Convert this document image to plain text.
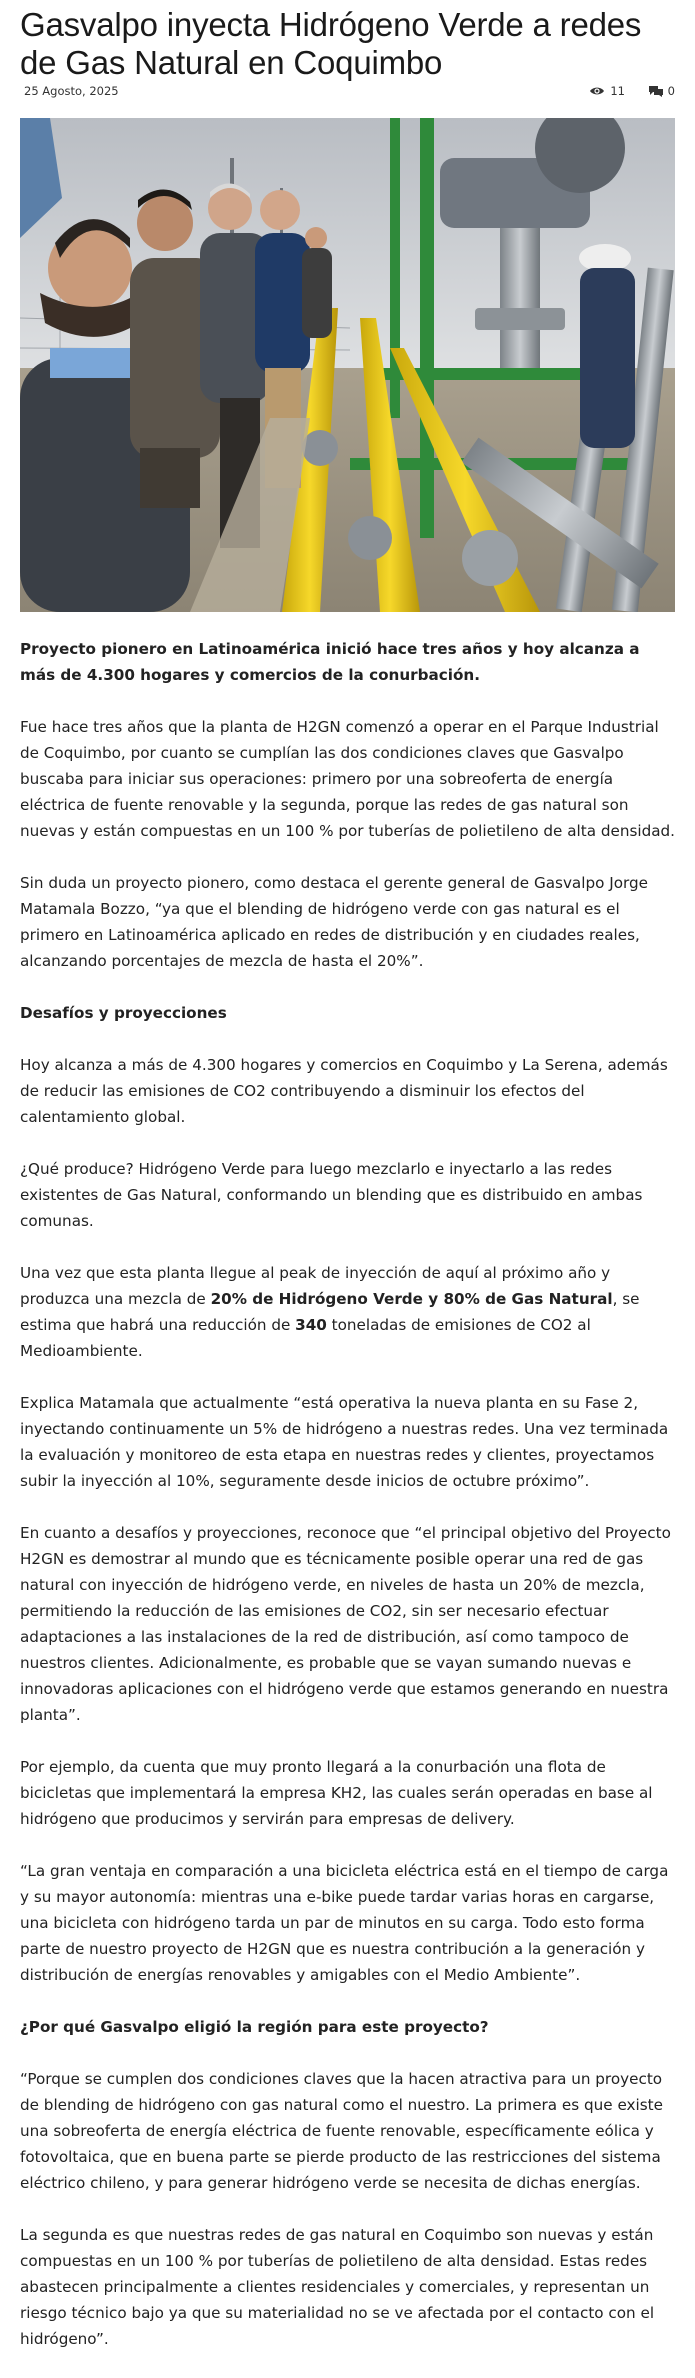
Gasvalpo inyecta Hidrógeno Verde a redes de Gas Natural en Coquimbo
25 Agosto, 2025	11	0

Proyecto pionero en Latinoamérica inició hace tres años y hoy alcanza a más de 4.300 hogares y comercios de la conurbación.

Fue hace tres años que la planta de H2GN comenzó a operar en el Parque Industrial de Coquimbo, por cuanto se cumplían las dos condiciones claves que Gasvalpo buscaba para iniciar sus operaciones: primero por una sobreoferta de energía eléctrica de fuente renovable y la segunda, porque las redes de gas natural son nuevas y están compuestas en un 100 % por tuberías de polietileno de alta densidad.

Sin duda un proyecto pionero, como destaca el gerente general de Gasvalpo Jorge Matamala Bozzo, “ya que el blending de hidrógeno verde con gas natural es el primero en Latinoamérica aplicado en redes de distribución y en ciudades reales, alcanzando porcentajes de mezcla de hasta el 20%”.

Desafíos y proyecciones

Hoy alcanza a más de 4.300 hogares y comercios en Coquimbo y La Serena, además de reducir las emisiones de CO2 contribuyendo a disminuir los efectos del calentamiento global.

¿Qué produce? Hidrógeno Verde para luego mezclarlo e inyectarlo a las redes existentes de Gas Natural, conformando un blending que es distribuido en ambas comunas.

Una vez que esta planta llegue al peak de inyección de aquí al próximo año y produzca una mezcla de 20% de Hidrógeno Verde y 80% de Gas Natural, se estima que habrá una reducción de 340 toneladas de emisiones de CO2 al Medioambiente.

Explica Matamala que actualmente “está operativa la nueva planta en su Fase 2, inyectando continuamente un 5% de hidrógeno a nuestras redes. Una vez terminada la evaluación y monitoreo de esta etapa en nuestras redes y clientes, proyectamos subir la inyección al 10%, seguramente desde inicios de octubre próximo”.

En cuanto a desafíos y proyecciones, reconoce que “el principal objetivo del Proyecto H2GN es demostrar al mundo que es técnicamente posible operar una red de gas natural con inyección de hidrógeno verde, en niveles de hasta un 20% de mezcla, permitiendo la reducción de las emisiones de CO2, sin ser necesario efectuar adaptaciones a las instalaciones de la red de distribución, así como tampoco de nuestros clientes. Adicionalmente, es probable que se vayan sumando nuevas e innovadoras aplicaciones con el hidrógeno verde que estamos generando en nuestra planta”.

Por ejemplo, da cuenta que muy pronto llegará a la conurbación una flota de bicicletas que implementará la empresa KH2, las cuales serán operadas en base al hidrógeno que producimos y servirán para empresas de delivery.

“La gran ventaja en comparación a una bicicleta eléctrica está en el tiempo de carga y su mayor autonomía: mientras una e-bike puede tardar varias horas en cargarse, una bicicleta con hidrógeno tarda un par de minutos en su carga. Todo esto forma parte de nuestro proyecto de H2GN que es nuestra contribución a la generación y distribución de energías renovables y amigables con el Medio Ambiente”.

¿Por qué Gasvalpo eligió la región para este proyecto?

“Porque se cumplen dos condiciones claves que la hacen atractiva para un proyecto de blending de hidrógeno con gas natural como el nuestro. La primera es que existe una sobreoferta de energía eléctrica de fuente renovable, específicamente eólica y fotovoltaica, que en buena parte se pierde producto de las restricciones del sistema eléctrico chileno, y para generar hidrógeno verde se necesita de dichas energías.

La segunda es que nuestras redes de gas natural en Coquimbo son nuevas y están compuestas en un 100 % por tuberías de polietileno de alta densidad. Estas redes abastecen principalmente a clientes residenciales y comerciales, y representan un riesgo técnico bajo ya que su materialidad no se ve afectada por el contacto con el hidrógeno”.
